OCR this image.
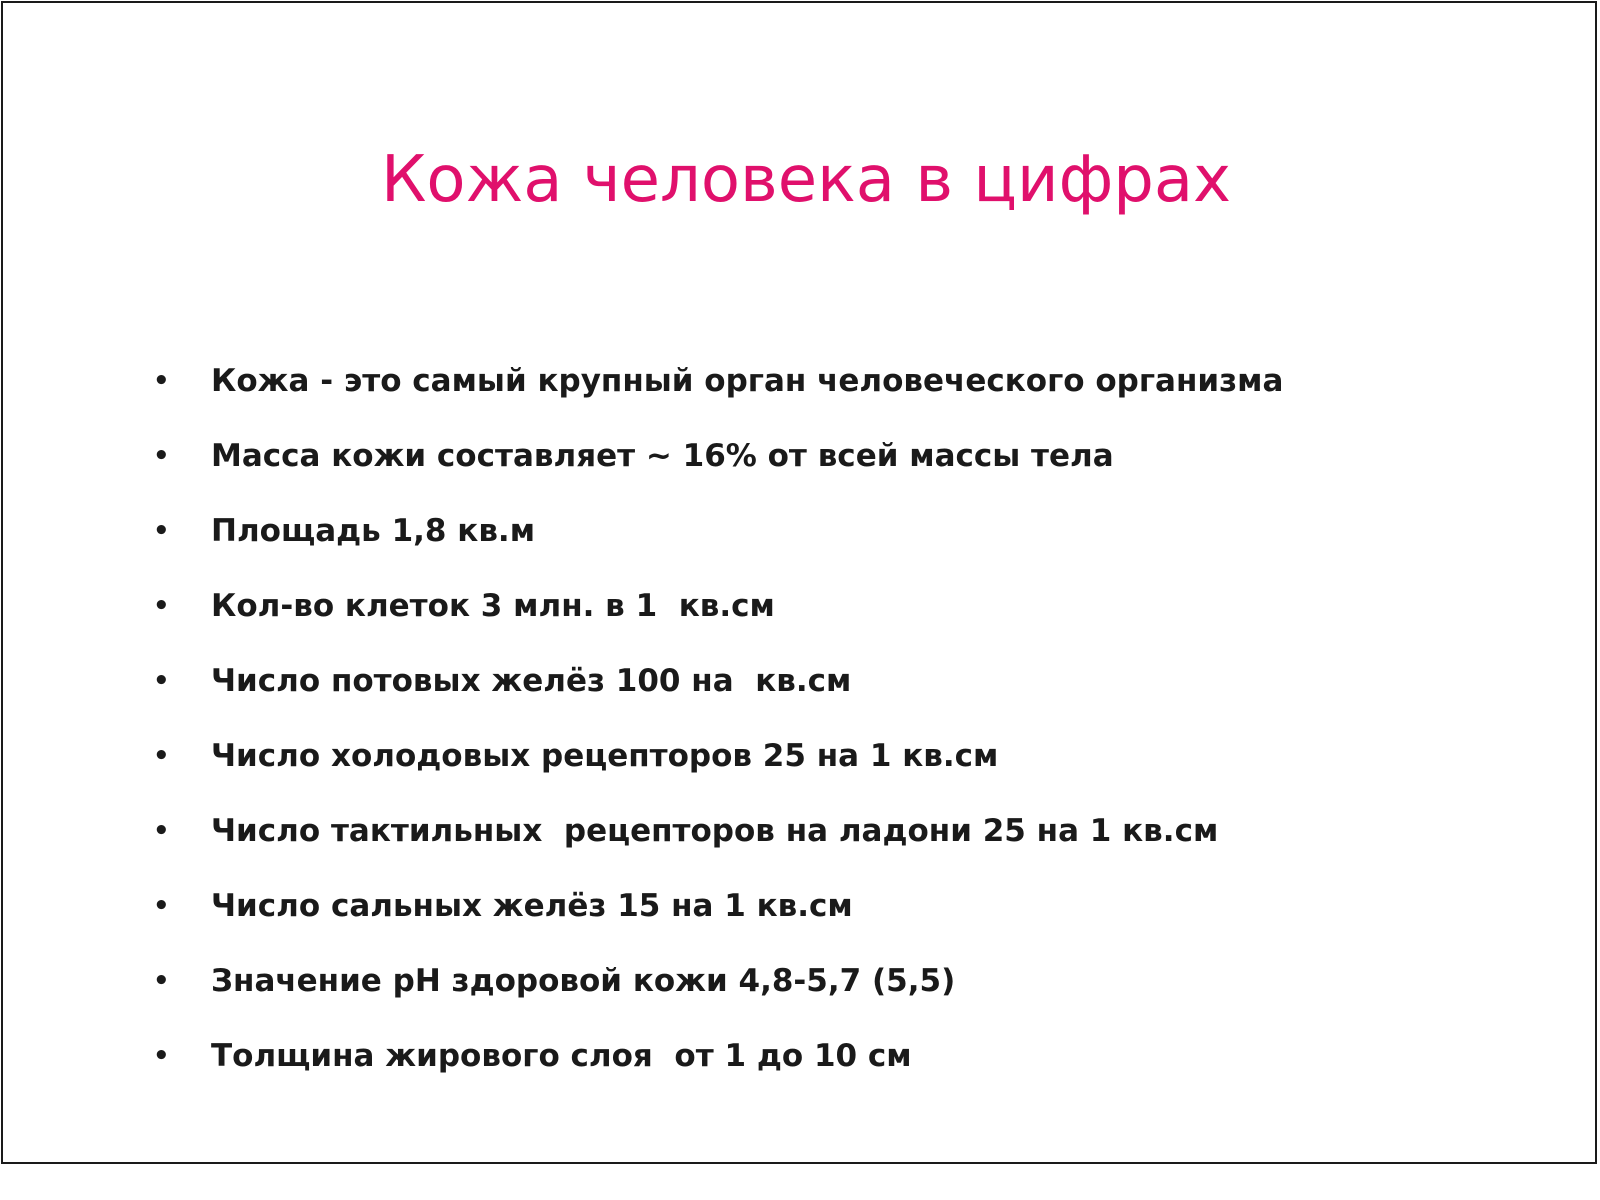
Кожа человека в цифрах
• Кожа - это самый крупный орган человеческого организма
• Масса кожи составляет ~ 16% от всей массы тела
• Площадь 1,8 кв.м
• Кол-во клеток 3 млн. в 1  кв.см
• Число потовых желёз 100 на  кв.см
• Число холодовых рецепторов 25 на 1 кв.см
• Число тактильных  рецепторов на ладони 25 на 1 кв.см
• Число сальных желёз 15 на 1 кв.см
• Значение pH здоровой кожи 4,8-5,7 (5,5)
• Толщина жирового слоя  от 1 до 10 см
